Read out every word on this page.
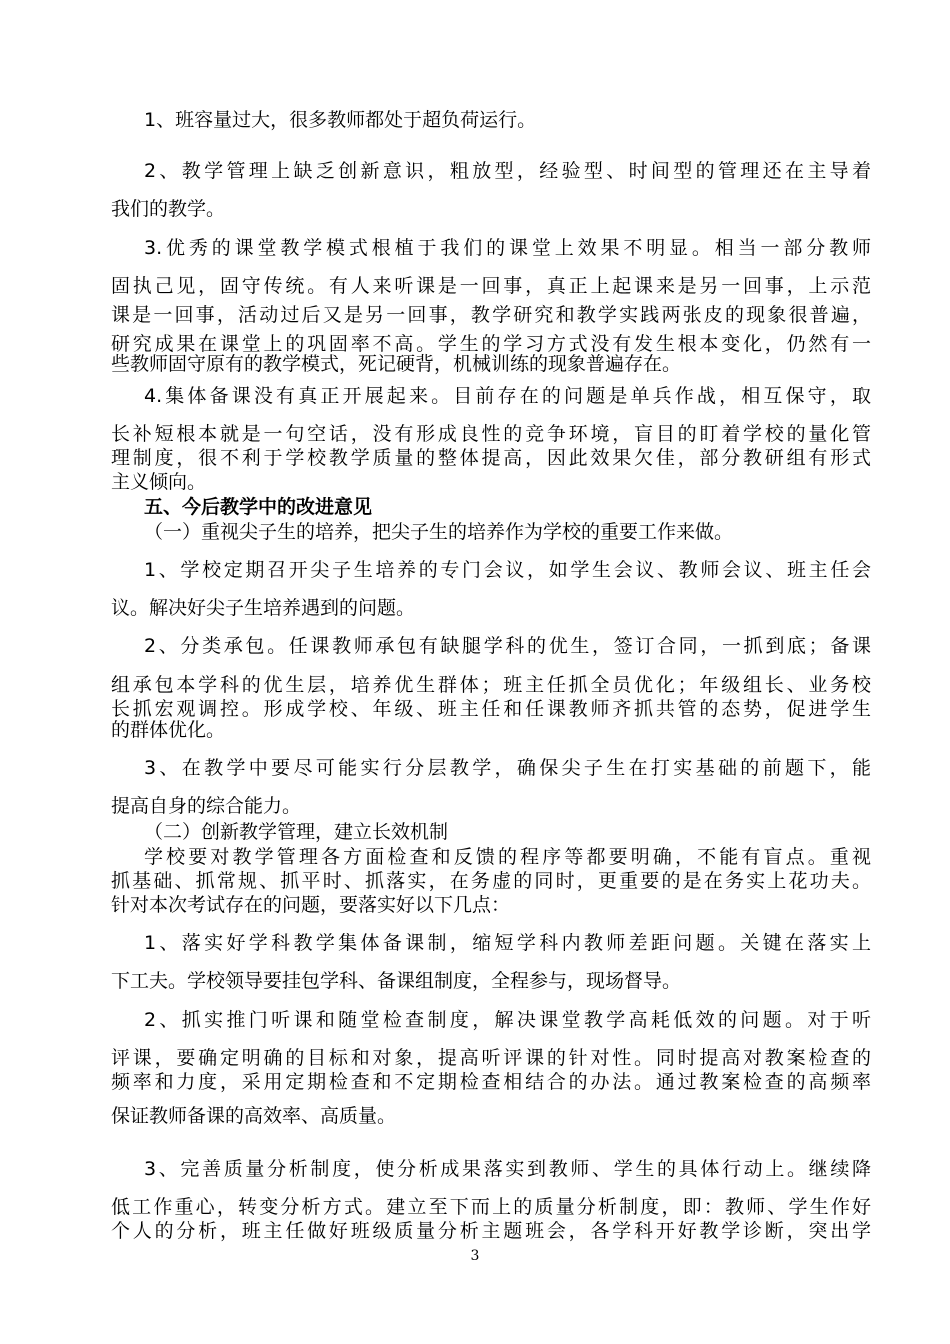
1、班容量过大，很多教师都处于超负荷运行。
2、教学管理上缺乏创新意识，粗放型，经验型、时间型的管理还在主导着
我们的教学。
3.优秀的课堂教学模式根植于我们的课堂上效果不明显。相当一部分教师
固执己见，固守传统。有人来听课是一回事，真正上起课来是另一回事，上示范
课是一回事，活动过后又是另一回事，教学研究和教学实践两张皮的现象很普遍，
研究成果在课堂上的巩固率不高。学生的学习方式没有发生根本变化，仍然有一
些教师固守原有的教学模式，死记硬背，机械训练的现象普遍存在。
4.集体备课没有真正开展起来。目前存在的问题是单兵作战，相互保守，取
长补短根本就是一句空话，没有形成良性的竞争环境，盲目的盯着学校的量化管
理制度，很不利于学校教学质量的整体提高，因此效果欠佳，部分教研组有形式
主义倾向。
五、今后教学中的改进意见
（一）重视尖子生的培养，把尖子生的培养作为学校的重要工作来做。
1、学校定期召开尖子生培养的专门会议，如学生会议、教师会议、班主任会
议。解决好尖子生培养遇到的问题。
2、分类承包。任课教师承包有缺腿学科的优生，签订合同，一抓到底；备课
组承包本学科的优生层，培养优生群体；班主任抓全员优化；年级组长、业务校
长抓宏观调控。形成学校、年级、班主任和任课教师齐抓共管的态势，促进学生
的群体优化。
3、在教学中要尽可能实行分层教学，确保尖子生在打实基础的前题下，能
提高自身的综合能力。
（二）创新教学管理，建立长效机制
学校要对教学管理各方面检查和反馈的程序等都要明确，不能有盲点。重视
抓基础、抓常规、抓平时、抓落实，在务虚的同时，更重要的是在务实上花功夫。
针对本次考试存在的问题，要落实好以下几点：
1、落实好学科教学集体备课制，缩短学科内教师差距问题。关键在落实上
下工夫。学校领导要挂包学科、备课组制度，全程参与，现场督导。
2、抓实推门听课和随堂检查制度，解决课堂教学高耗低效的问题。对于听
评课，要确定明确的目标和对象，提高听评课的针对性。同时提高对教案检查的
频率和力度，采用定期检查和不定期检查相结合的办法。通过教案检查的高频率
保证教师备课的高效率、高质量。
3、完善质量分析制度，使分析成果落实到教师、学生的具体行动上。继续降
低工作重心，转变分析方式。建立至下而上的质量分析制度，即：教师、学生作好
个人的分析，班主任做好班级质量分析主题班会，各学科开好教学诊断，突出学
3
